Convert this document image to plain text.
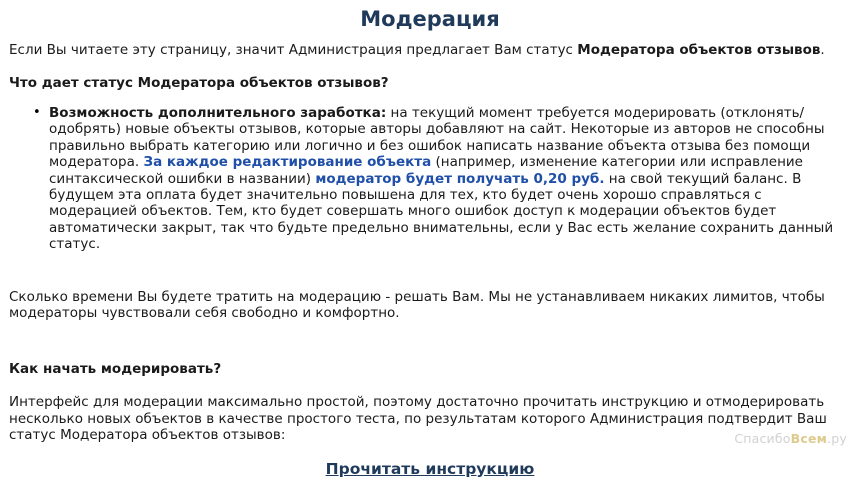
Модерация

Если Вы читаете эту страницу, значит Администрация предлагает Вам статус Модератора объектов отзывов.

Что дает статус Модератора объектов отзывов?

• Возможность дополнительного заработка: на текущий момент требуется модерировать (отклонять/одобрять) новые объекты отзывов, которые авторы добавляют на сайт. Некоторые из авторов не способны правильно выбрать категорию или логично и без ошибок написать название объекта отзыва без помощи модератора. За каждое редактирование объекта (например, изменение категории или исправление синтаксической ошибки в названии) модератор будет получать 0,20 руб. на свой текущий баланс. В будущем эта оплата будет значительно повышена для тех, кто будет очень хорошо справляться с модерацией объектов. Тем, кто будет совершать много ошибок доступ к модерации объектов будет автоматически закрыт, так что будьте предельно внимательны, если у Вас есть желание сохранить данный статус.

Сколько времени Вы будете тратить на модерацию - решать Вам. Мы не устанавливаем никаких лимитов, чтобы модераторы чувствовали себя свободно и комфортно.

Как начать модерировать?

Интерфейс для модерации максимально простой, поэтому достаточно прочитать инструкцию и отмодерировать несколько новых объектов в качестве простого теста, по результатам которого Администрация подтвердит Ваш статус Модератора объектов отзывов:

Прочитать инструкцию
СпасибоВсем.ру
